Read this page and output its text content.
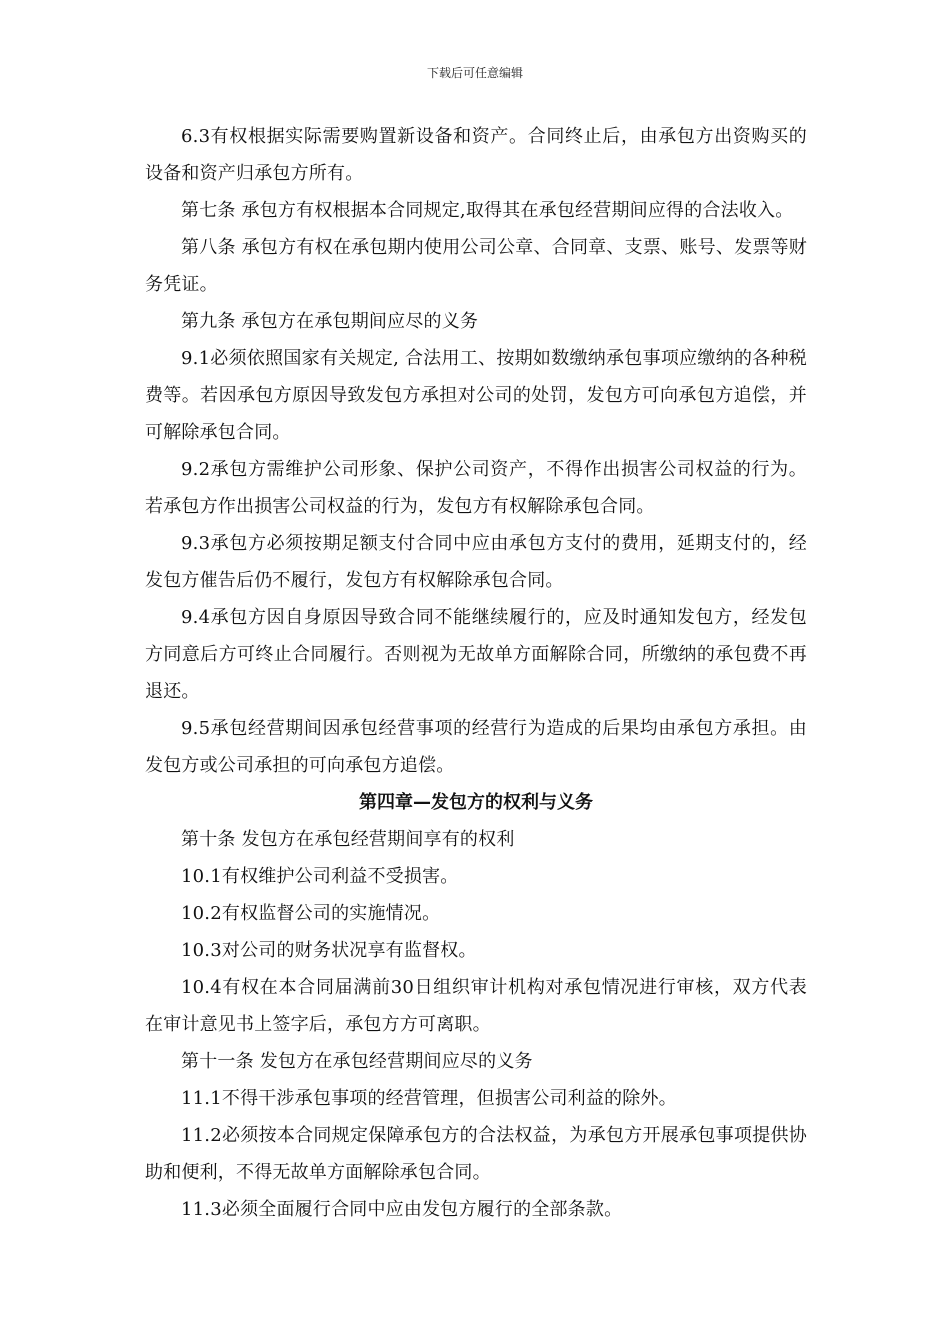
下载后可任意编辑

6.3有权根据实际需要购置新设备和资产。合同终止后，由承包方出资购买的设备和资产归承包方所有。

第七条 承包方有权根据本合同规定,取得其在承包经营期间应得的合法收入。

第八条 承包方有权在承包期内使用公司公章、合同章、支票、账号、发票等财务凭证。

第九条 承包方在承包期间应尽的义务

9.1必须依照国家有关规定, 合法用工、按期如数缴纳承包事项应缴纳的各种税费等。若因承包方原因导致发包方承担对公司的处罚，发包方可向承包方追偿，并可解除承包合同。

9.2承包方需维护公司形象、保护公司资产，不得作出损害公司权益的行为。若承包方作出损害公司权益的行为，发包方有权解除承包合同。

9.3承包方必须按期足额支付合同中应由承包方支付的费用，延期支付的，经发包方催告后仍不履行，发包方有权解除承包合同。

9.4承包方因自身原因导致合同不能继续履行的，应及时通知发包方，经发包方同意后方可终止合同履行。否则视为无故单方面解除合同，所缴纳的承包费不再退还。

9.5承包经营期间因承包经营事项的经营行为造成的后果均由承包方承担。由发包方或公司承担的可向承包方追偿。

第四章—发包方的权利与义务

第十条 发包方在承包经营期间享有的权利

10.1有权维护公司利益不受损害。

10.2有权监督公司的实施情况。

10.3对公司的财务状况享有监督权。

10.4有权在本合同届满前30日组织审计机构对承包情况进行审核，双方代表在审计意见书上签字后，承包方方可离职。

第十一条 发包方在承包经营期间应尽的义务

11.1不得干涉承包事项的经营管理，但损害公司利益的除外。

11.2必须按本合同规定保障承包方的合法权益，为承包方开展承包事项提供协助和便利，不得无故单方面解除承包合同。

11.3必须全面履行合同中应由发包方履行的全部条款。
